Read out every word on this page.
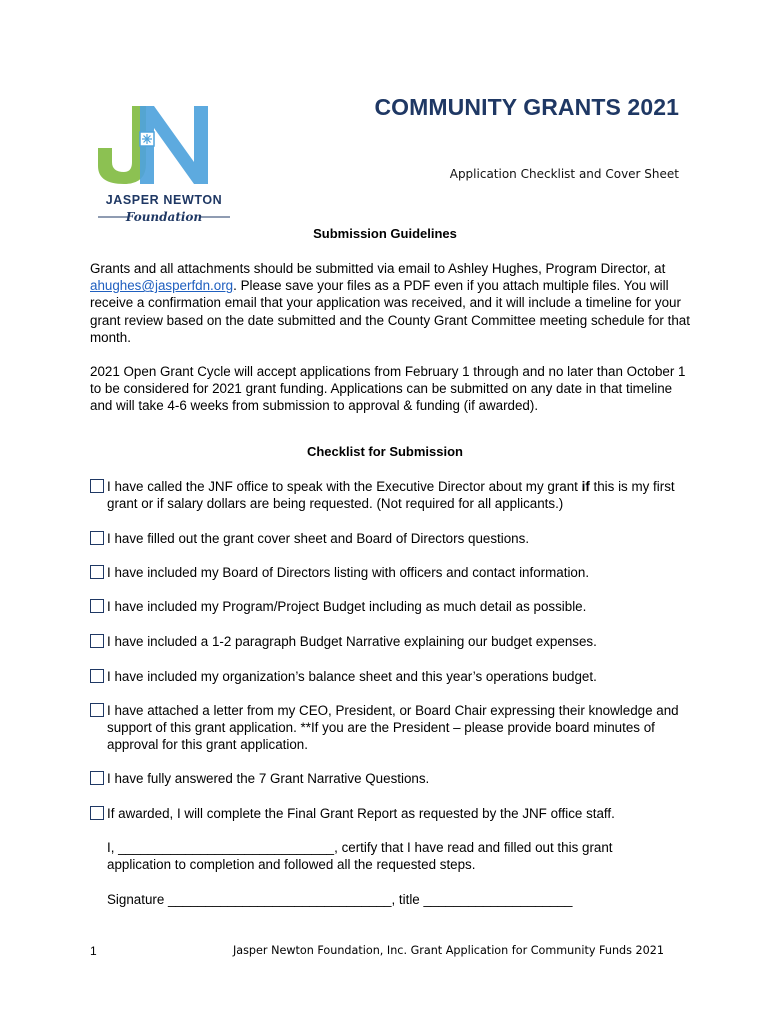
JASPER NEWTON
Foundation
COMMUNITY GRANTS 2021
Application Checklist and Cover Sheet
Submission Guidelines

Grants and all attachments should be submitted via email to Ashley Hughes, Program Director, at ahughes@jasperfdn.org. Please save your files as a PDF even if you attach multiple files. You will receive a confirmation email that your application was received, and it will include a timeline for your grant review based on the date submitted and the County Grant Committee meeting schedule for that month.

2021 Open Grant Cycle will accept applications from February 1 through and no later than October 1 to be considered for 2021 grant funding. Applications can be submitted on any date in that timeline and will take 4-6 weeks from submission to approval & funding (if awarded).

Checklist for Submission
I have called the JNF office to speak with the Executive Director about my grant if this is my first grant or if salary dollars are being requested. (Not required for all applicants.)
I have filled out the grant cover sheet and Board of Directors questions.
I have included my Board of Directors listing with officers and contact information.
I have included my Program/Project Budget including as much detail as possible.
I have included a 1-2 paragraph Budget Narrative explaining our budget expenses.
I have included my organization’s balance sheet and this year’s operations budget.
I have attached a letter from my CEO, President, or Board Chair expressing their knowledge and support of this grant application. **If you are the President – please provide board minutes of approval for this grant application.
I have fully answered the 7 Grant Narrative Questions.
If awarded, I will complete the Final Grant Report as requested by the JNF office staff.

I, _____________________________, certify that I have read and filled out this grant application to completion and followed all the requested steps.

Signature ______________________________, title ____________________

1	Jasper Newton Foundation, Inc. Grant Application for Community Funds 2021
